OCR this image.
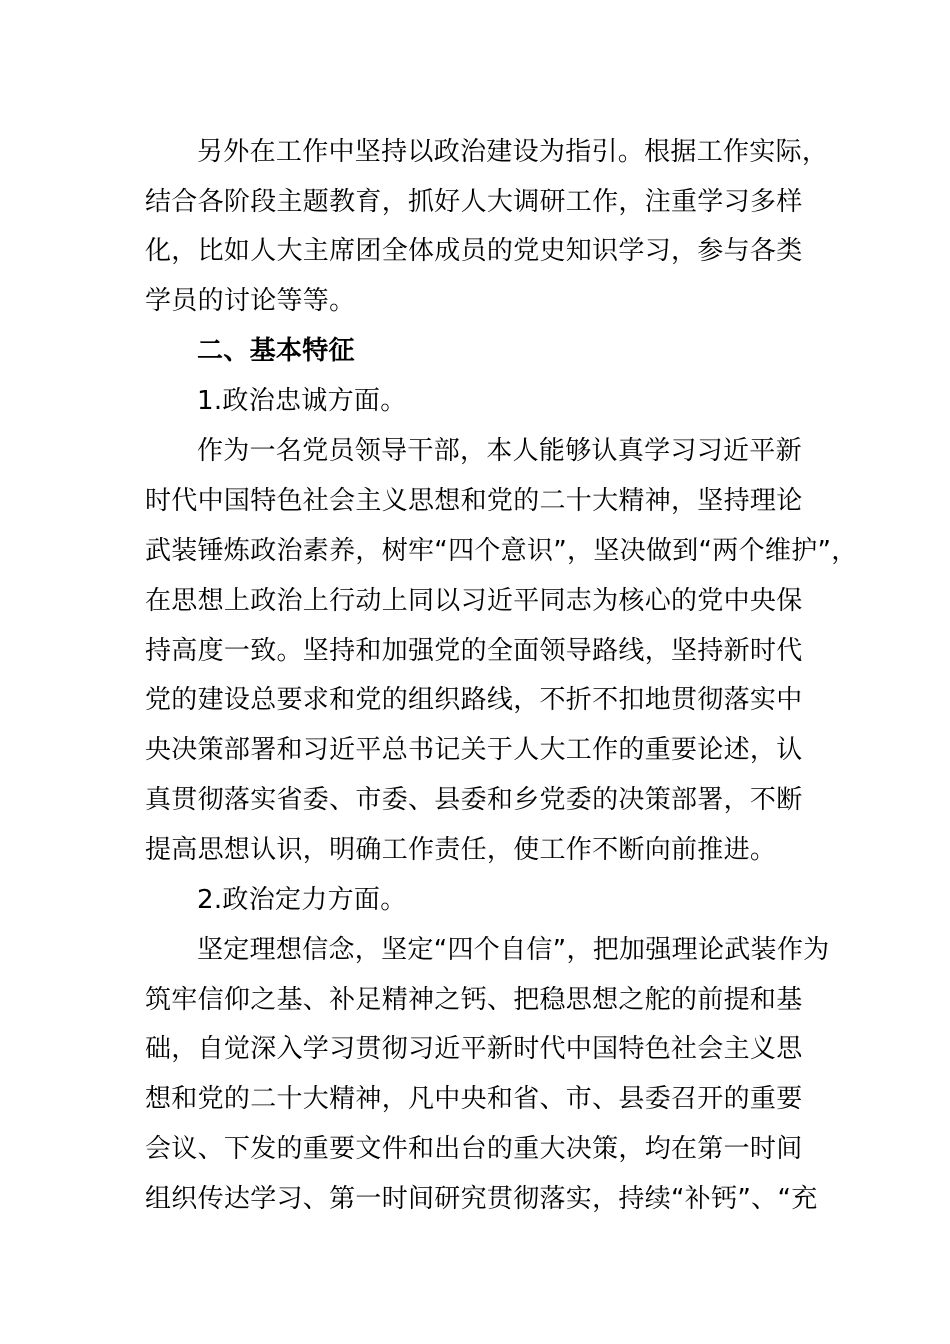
另外在工作中坚持以政治建设为指引。根据工作实际，
结合各阶段主题教育，抓好人大调研工作，注重学习多样
化，比如人大主席团全体成员的党史知识学习，参与各类
学员的讨论等等。
二、基本特征
1.政治忠诚方面。
作为一名党员领导干部，本人能够认真学习习近平新
时代中国特色社会主义思想和党的二十大精神，坚持理论
武装锤炼政治素养，树牢“四个意识”，坚决做到“两个维护”，
在思想上政治上行动上同以习近平同志为核心的党中央保
持高度一致。坚持和加强党的全面领导路线，坚持新时代
党的建设总要求和党的组织路线，不折不扣地贯彻落实中
央决策部署和习近平总书记关于人大工作的重要论述，认
真贯彻落实省委、市委、县委和乡党委的决策部署，不断
提高思想认识，明确工作责任，使工作不断向前推进。
2.政治定力方面。
坚定理想信念，坚定“四个自信”，把加强理论武装作为
筑牢信仰之基、补足精神之钙、把稳思想之舵的前提和基
础，自觉深入学习贯彻习近平新时代中国特色社会主义思
想和党的二十大精神，凡中央和省、市、县委召开的重要
会议、下发的重要文件和出台的重大决策，均在第一时间
组织传达学习、第一时间研究贯彻落实，持续“补钙”、“充
